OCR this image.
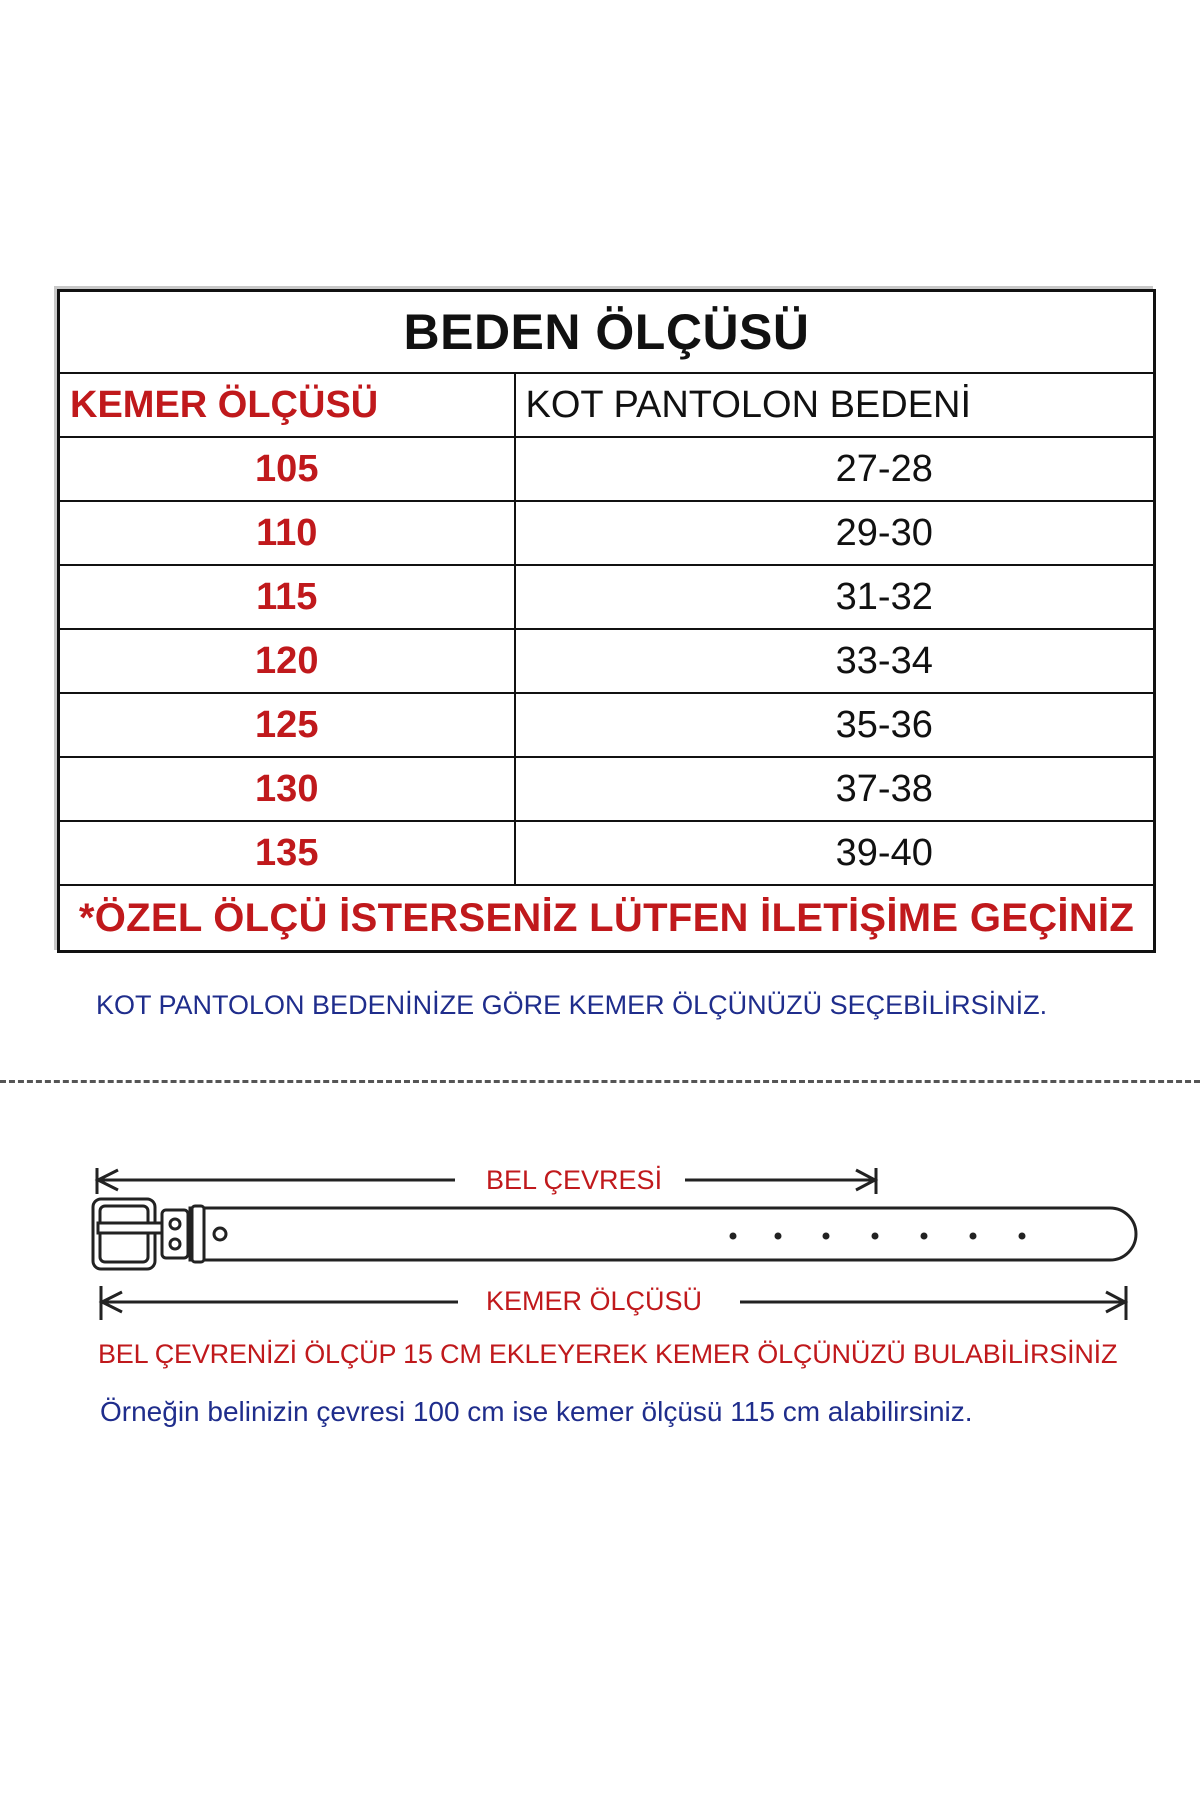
BEDEN ÖLÇÜSÜ	
KEMER ÖLÇÜSÜ	KOT PANTOLON BEDENİ
105	27-28
110	29-30
115	31-32
120	33-34
125	35-36
130	37-38
135	39-40
*ÖZEL ÖLÇÜ İSTERSENİZ LÜTFEN İLETİŞİME GEÇİNİZ	
KOT PANTOLON BEDENİNİZE GÖRE KEMER ÖLÇÜNÜZÜ SEÇEBİLİRSİNİZ.
BEL ÇEVRESİ
KEMER ÖLÇÜSÜ
BEL ÇEVRENİZİ ÖLÇÜP 15 CM EKLEYEREK KEMER ÖLÇÜNÜZÜ BULABİLİRSİNİZ
Örneğin belinizin çevresi 100 cm ise kemer ölçüsü 115 cm alabilirsiniz.
